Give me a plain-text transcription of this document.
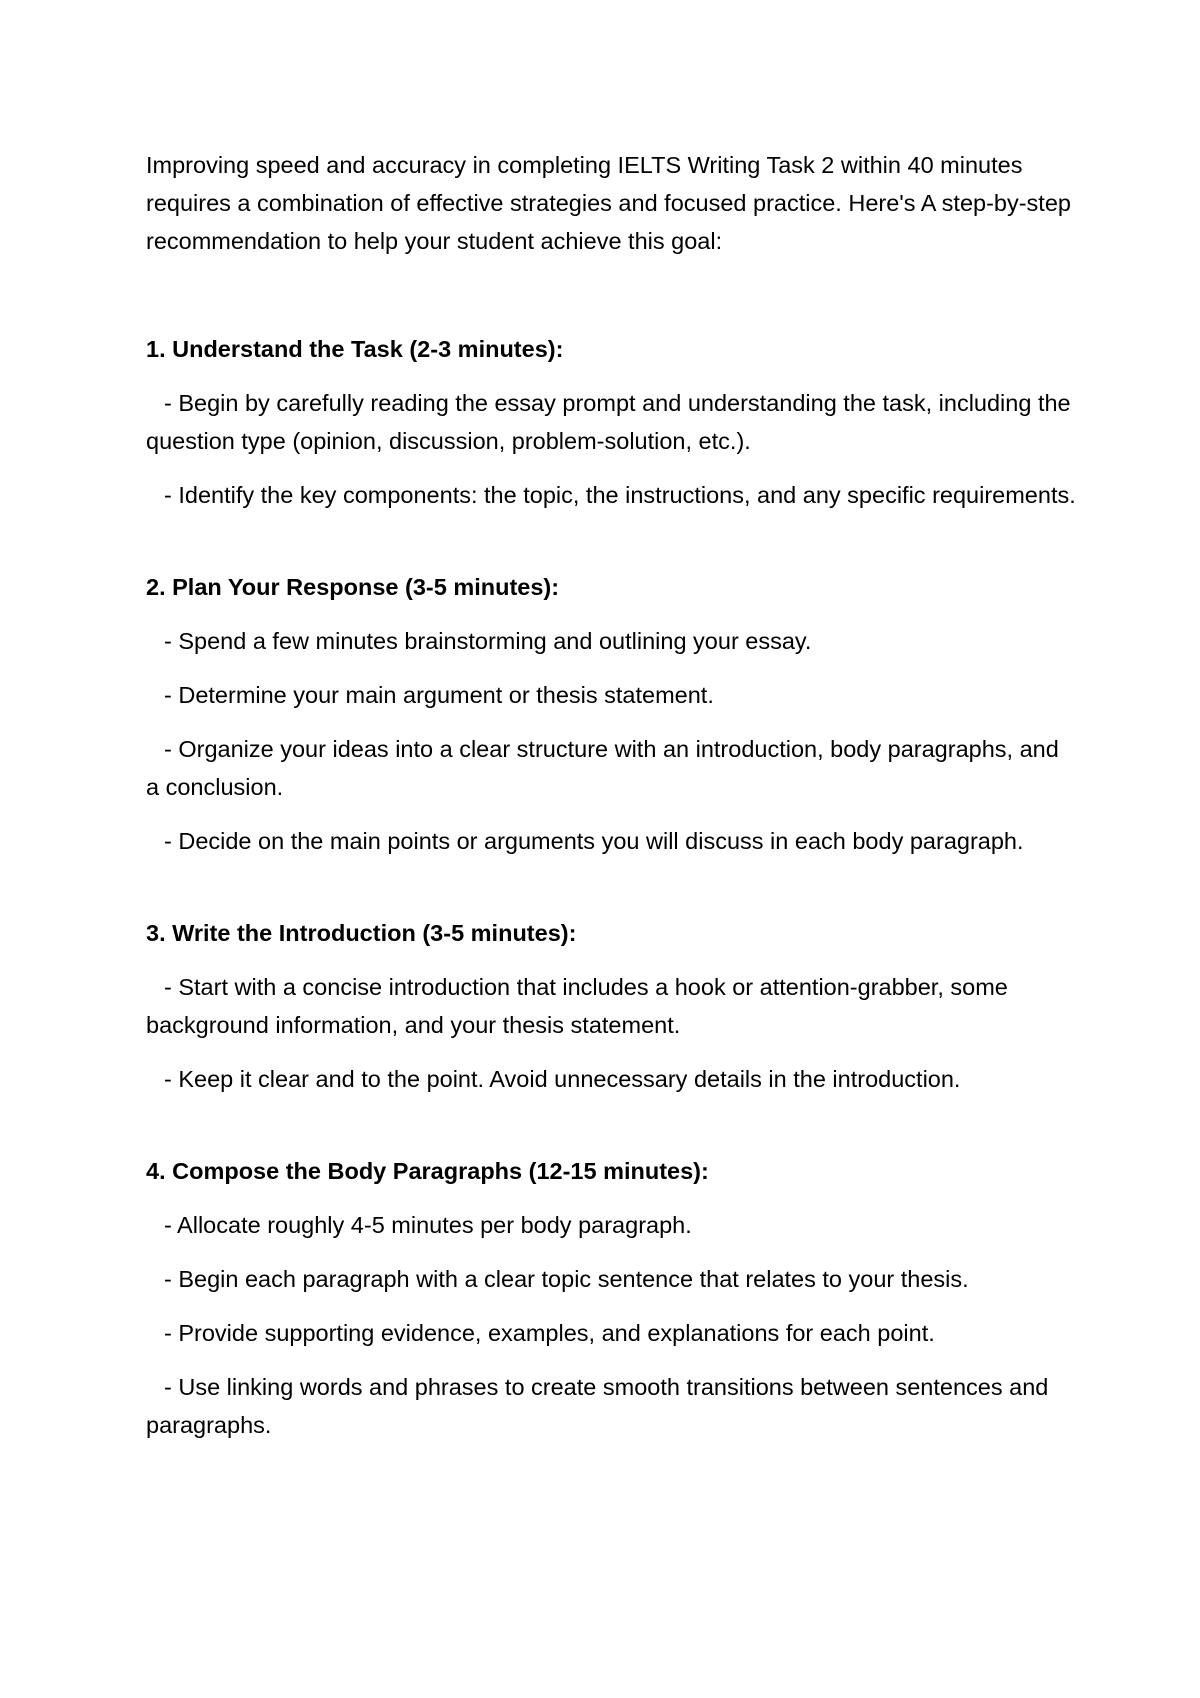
Improving speed and accuracy in completing IELTS Writing Task 2 within 40 minutes requires a combination of effective strategies and focused practice. Here's A step-by-step recommendation to help your student achieve this goal:

1. Understand the Task (2-3 minutes):

- Begin by carefully reading the essay prompt and understanding the task, including the question type (opinion, discussion, problem-solution, etc.).

- Identify the key components: the topic, the instructions, and any specific requirements.

2. Plan Your Response (3-5 minutes):

- Spend a few minutes brainstorming and outlining your essay.

- Determine your main argument or thesis statement.

- Organize your ideas into a clear structure with an introduction, body paragraphs, and a conclusion.

- Decide on the main points or arguments you will discuss in each body paragraph.

3. Write the Introduction (3-5 minutes):

- Start with a concise introduction that includes a hook or attention-grabber, some background information, and your thesis statement.

- Keep it clear and to the point. Avoid unnecessary details in the introduction.

4. Compose the Body Paragraphs (12-15 minutes):

- Allocate roughly 4-5 minutes per body paragraph.

- Begin each paragraph with a clear topic sentence that relates to your thesis.

- Provide supporting evidence, examples, and explanations for each point.

- Use linking words and phrases to create smooth transitions between sentences and paragraphs.
